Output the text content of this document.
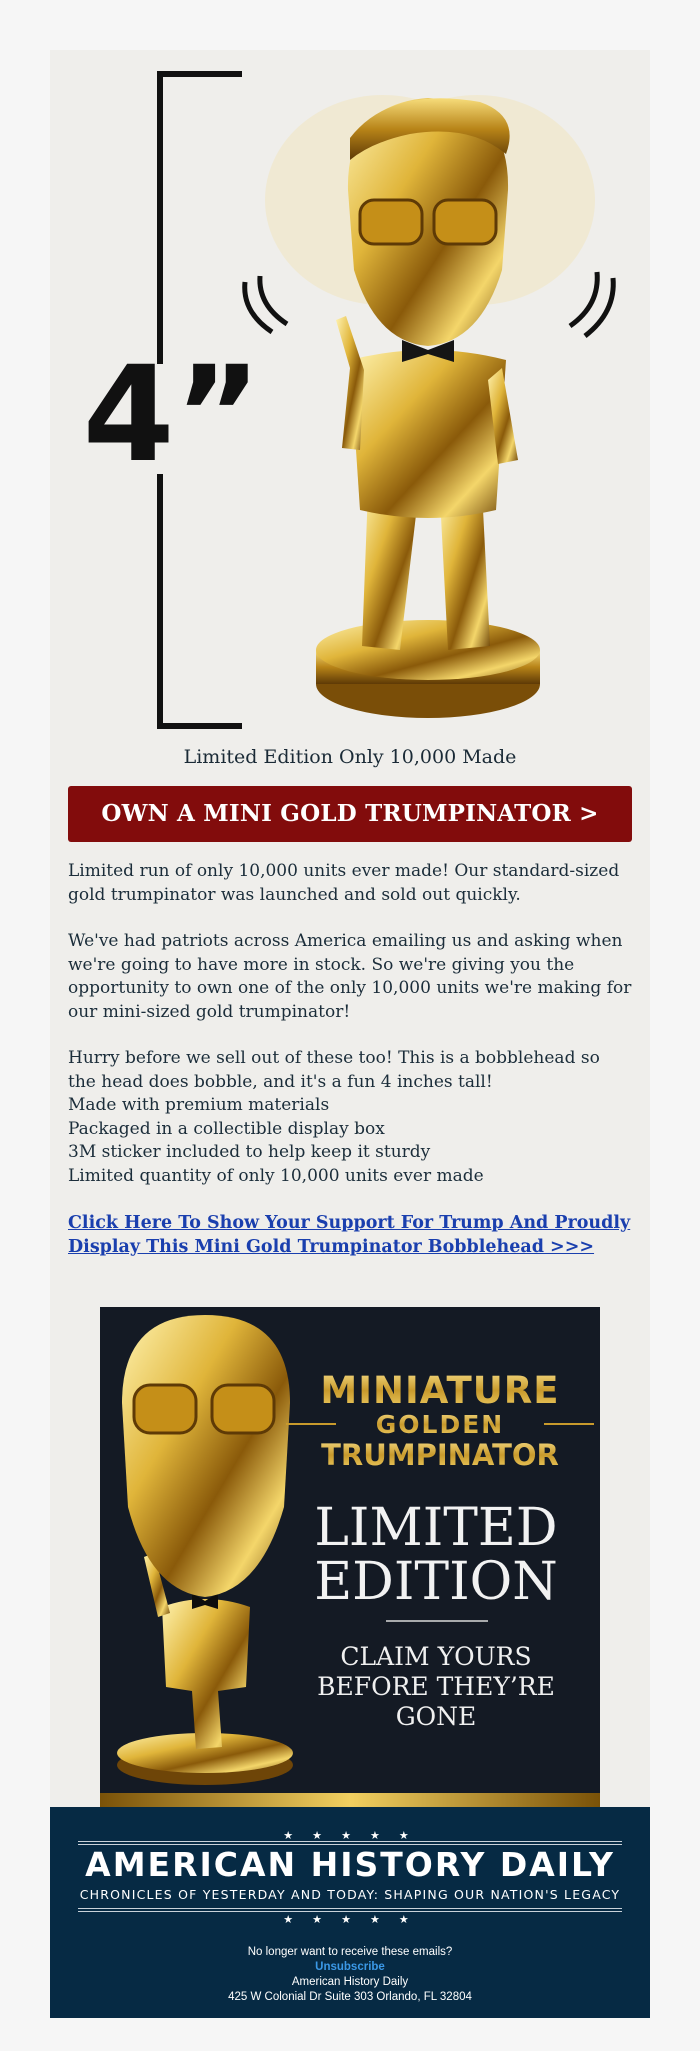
4”

Limited Edition Only 10,000 Made

OWN A MINI GOLD TRUMPINATOR >

Limited run of only 10,000 units ever made! Our standard-sized gold trumpinator was launched and sold out quickly.

We've had patriots across America emailing us and asking when we're going to have more in stock. So we're giving you the opportunity to own one of the only 10,000 units we're making for our mini-sized gold trumpinator!

Hurry before we sell out of these too! This is a bobblehead so the head does bobble, and it's a fun 4 inches tall!

Made with premium materials
Packaged in a collectible display box
3M sticker included to help keep it sturdy
Limited quantity of only 10,000 units ever made
Click Here To Show Your Support For Trump And Proudly Display This Mini Gold Trumpinator Bobblehead >>>
MINIATURE
GOLDEN
TRUMPINATOR
LIMITED
EDITION
CLAIM YOURS
BEFORE THEY’RE
GONE
★ ★ ★ ★ ★
AMERICAN HISTORY DAILY
CHRONICLES OF YESTERDAY AND TODAY: SHAPING OUR NATION'S LEGACY
★ ★ ★ ★ ★
No longer want to receive these emails?
Unsubscribe
American History Daily
425 W Colonial Dr Suite 303 Orlando, FL 32804
